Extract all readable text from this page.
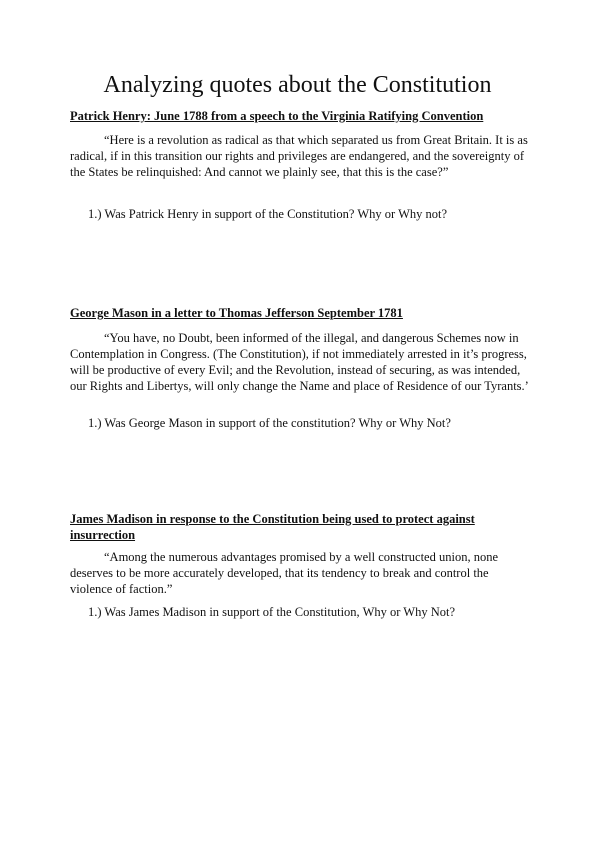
Analyzing quotes about the Constitution
Patrick Henry: June 1788 from a speech to the Virginia Ratifying Convention
“Here is a revolution as radical as that which separated us from Great Britain. It is as radical, if in this transition our rights and privileges are endangered, and the sovereignty of the States be relinquished: And cannot we plainly see, that this is the case?”
1.) Was Patrick Henry in support of the Constitution? Why or Why not?
George Mason in a letter to Thomas Jefferson September 1781
“You have, no Doubt, been informed of the illegal, and dangerous Schemes now in Contemplation in Congress. (The Constitution), if not immediately arrested in it’s progress, will be productive of every Evil; and the Revolution, instead of securing, as was intended, our Rights and Libertys, will only change the Name and place of Residence of our Tyrants.’
1.) Was George Mason in support of the constitution? Why or Why Not?
James Madison in response to the Constitution being used to protect against insurrection
“Among the numerous advantages promised by a well constructed union, none deserves to be more accurately developed, that its tendency to break and control the violence of faction.”
1.) Was James Madison in support of the Constitution, Why or Why Not?
